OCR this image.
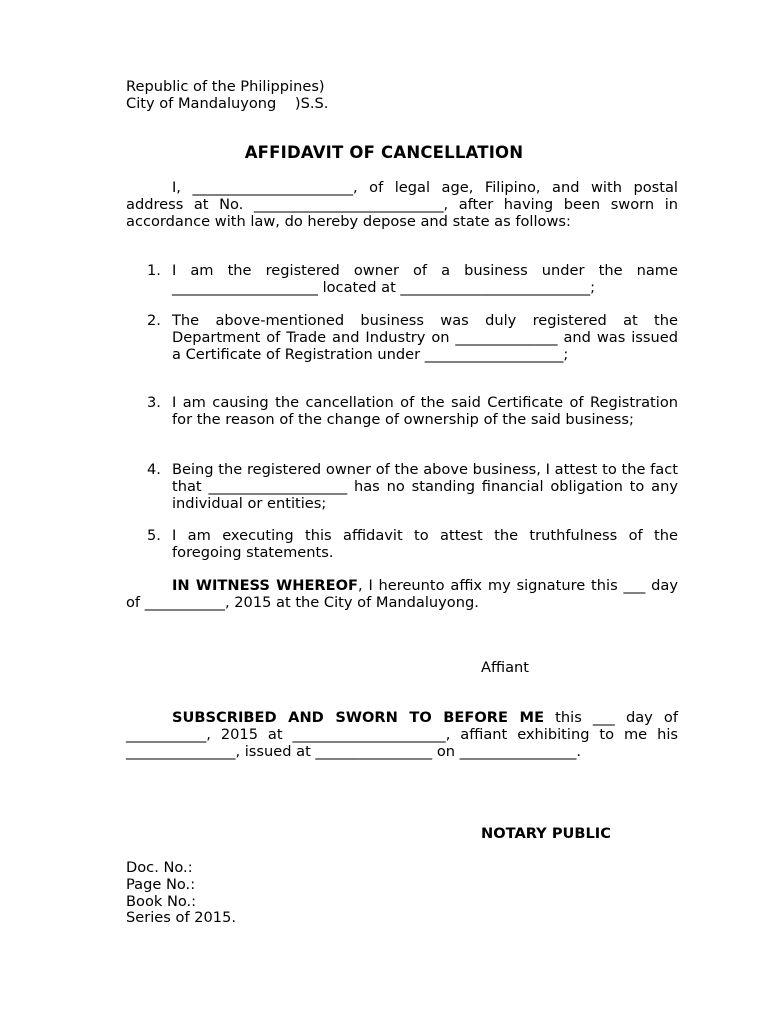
Republic of the Philippines)
City of Mandaluyong    )S.S.
AFFIDAVIT OF CANCELLATION
I, ______________________, of legal age, Filipino, and with postal address at No. __________________________, after having been sworn in accordance with law, do hereby depose and state as follows:
1. I am the registered owner of a business under the name ____________________ located at __________________________;
2. The above-mentioned business was duly registered at the Department of Trade and Industry on ______________ and was issued a Certificate of Registration under ___________________;
3. I am causing the cancellation of the said Certificate of Registration for the reason of the change of ownership of the said business;
4. Being the registered owner of the above business, I attest to the fact that ___________________ has no standing financial obligation to any individual or entities;
5. I am executing this affidavit to attest the truthfulness of the foregoing statements.
IN WITNESS WHEREOF, I hereunto affix my signature this ___ day of ___________, 2015 at the City of Mandaluyong.
Affiant
SUBSCRIBED AND SWORN TO BEFORE ME this ___ day of ___________, 2015 at _____________________, affiant exhibiting to me his _______________, issued at ________________ on ________________.
NOTARY PUBLIC
Doc. No.:
Page No.:
Book No.:
Series of 2015.
